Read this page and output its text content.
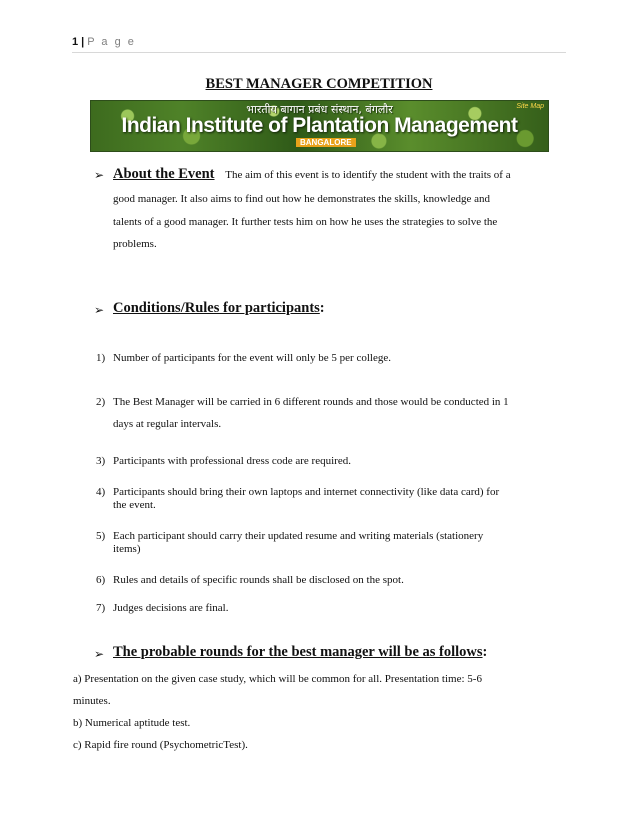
1 | P a g e
BEST MANAGER COMPETITION
भारतीय बागान प्रबंध संस्थान, बंगलौर
Indian Institute of Plantation Management
BANGALORE
Site Map
➢ About the Event The aim of this event is to identify the student with the traits of a
good manager. It also aims to find out how he demonstrates the skills, knowledge and
talents of a good manager. It further tests him on how he uses the strategies to solve the
problems.
➢ Conditions/Rules for participants:
1) Number of participants for the event will only be 5 per college.
2) The Best Manager will be carried in 6 different rounds and those would be conducted in 1
days at regular intervals.
3) Participants with professional dress code are required.
4) Participants should bring their own laptops and internet connectivity (like data card) for
the event.
5) Each participant should carry their updated resume and writing materials (stationery
items)
6) Rules and details of specific rounds shall be disclosed on the spot.
7) Judges decisions are final.
➢ The probable rounds for the best manager will be as follows:
a) Presentation on the given case study, which will be common for all. Presentation time: 5-6
minutes.
b) Numerical aptitude test.
c) Rapid fire round (PsychometricTest).
